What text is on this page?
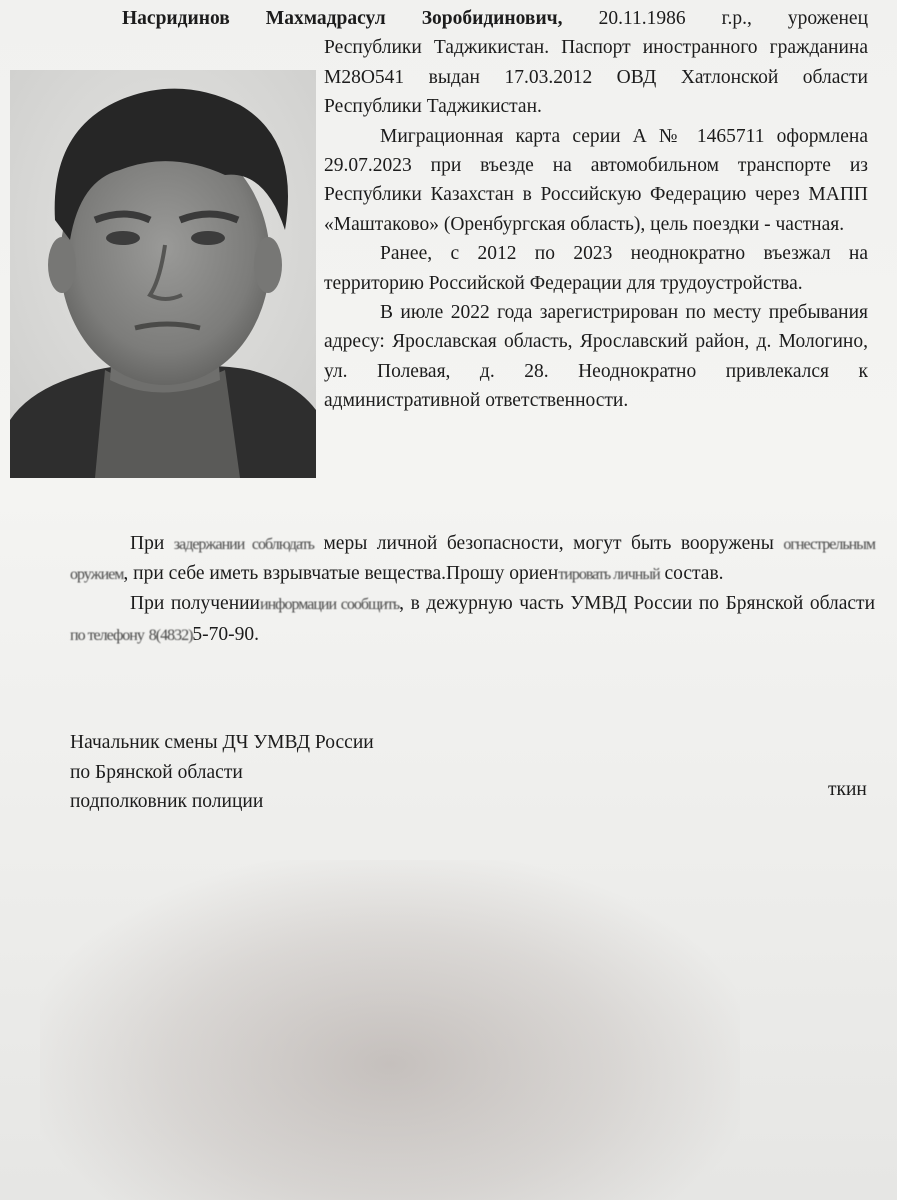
Насридинов Махмадрасул Зоробидинович, 20.11.1986 г.р., уроженец

Республики Таджикистан. Паспорт иностранного гражданина М28O541 выдан 17.03.2012 ОВД Хатлонской области Республики Таджикистан.

Миграционная карта серии А № 1465711 оформлена 29.07.2023 при въезде на автомобильном транспорте из Республики Казахстан в Российскую Федерацию через МАПП «Маштаково» (Оренбургская область), цель поездки - частная.

Ранее, с 2012 по 2023 неоднократно въезжал на территорию Российской Федерации для трудоустройства.

В июле 2022 года зарегистрирован по месту пребывания адресу: Ярославская область, Ярославский район, д. Мологино, ул. Полевая, д. 28. Неоднократно привлекался к административной ответственности.

При задержании соблюдать меры личной безопасности, могут быть вооружены огнестрельным оружием, при себе иметь взрывчатые вещества.Прошу ориентировать личный состав.

При полученииинформации сообщить, в дежурную часть УМВД России по Брянской области по телефону 8(4832)5-70-90.

Начальник смены ДЧ УМВД России
по Брянской области
подполковник полиции
ткин
